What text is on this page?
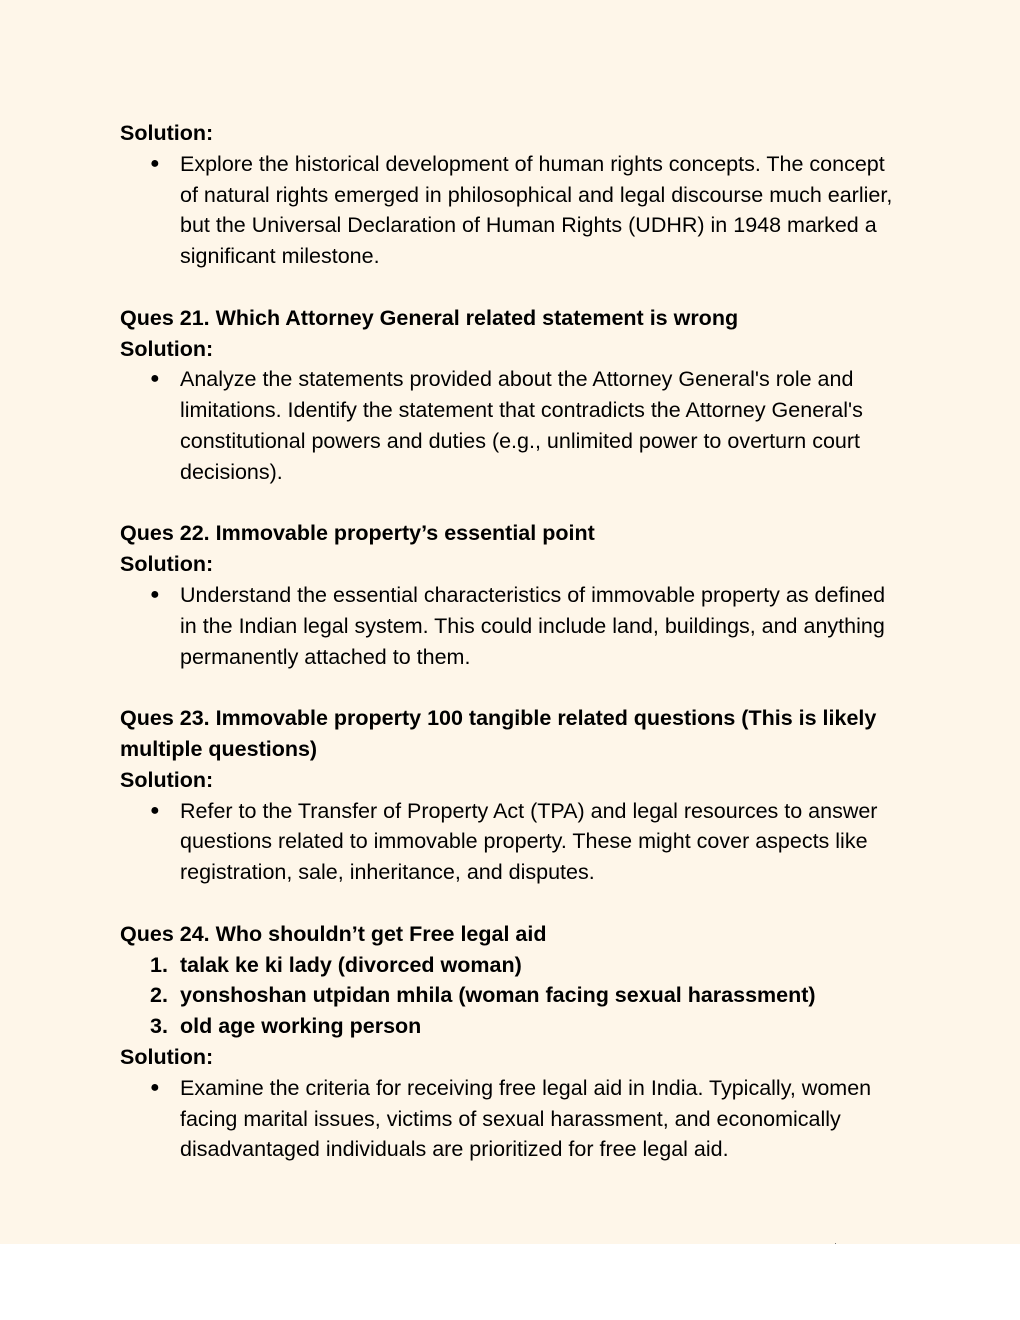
Solution:
● Explore the historical development of human rights concepts. The concept of natural rights emerged in philosophical and legal discourse much earlier, but the Universal Declaration of Human Rights (UDHR) in 1948 marked a significant milestone.
Ques 21. Which Attorney General related statement is wrong
Solution:
● Analyze the statements provided about the Attorney General's role and limitations. Identify the statement that contradicts the Attorney General's constitutional powers and duties (e.g., unlimited power to overturn court decisions).
Ques 22. Immovable property’s essential point
Solution:
● Understand the essential characteristics of immovable property as defined in the Indian legal system. This could include land, buildings, and anything permanently attached to them.
Ques 23. Immovable property 100 tangible related questions (This is likely multiple questions)
Solution:
● Refer to the Transfer of Property Act (TPA) and legal resources to answer questions related to immovable property. These might cover aspects like registration, sale, inheritance, and disputes.
Ques 24. Who shouldn’t get Free legal aid
1. talak ke ki lady (divorced woman)
2. yonshoshan utpidan mhila (woman facing sexual harassment)
3. old age working person
Solution:
● Examine the criteria for receiving free legal aid in India. Typically, women facing marital issues, victims of sexual harassment, and economically disadvantaged individuals are prioritized for free legal aid.
